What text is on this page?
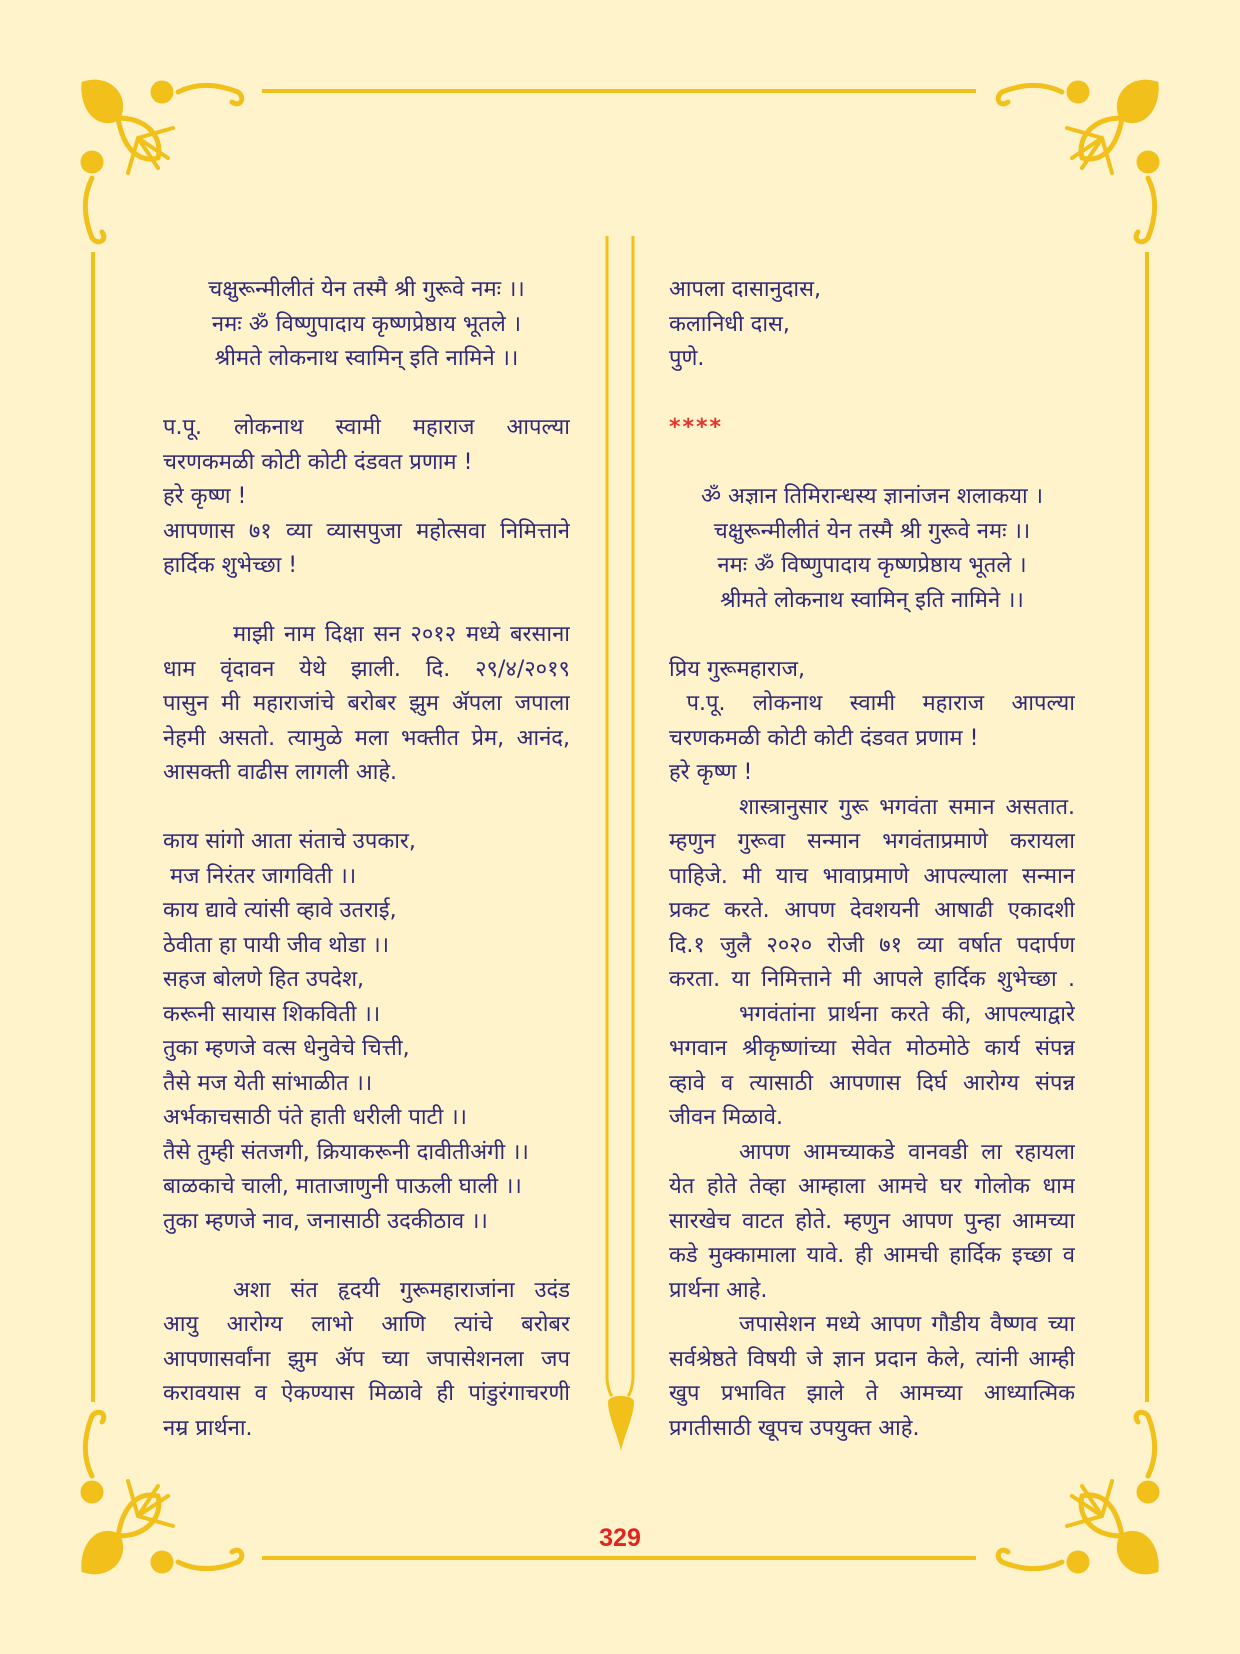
चक्षुरून्मीलीतं येन तस्मै श्री गुरूवे नमः ।।
नमः ॐ विष्णुपादाय कृष्णप्रेष्ठाय भूतले ।
श्रीमते लोकनाथ स्वामिन् इति नामिने ।।
प.पू. लोकनाथ स्वामी महाराज आपल्या
चरणकमळी कोटी कोटी दंडवत प्रणाम !
हरे कृष्ण !
आपणास ७१ व्या व्यासपुजा महोत्सवा निमित्ताने
हार्दिक शुभेच्छा !
माझी नाम दिक्षा सन २०१२ मध्ये बरसाना
धाम वृंदावन येथे झाली. दि. २९/४/२०१९
पासुन मी महाराजांचे बरोबर झुम ॲपला जपाला
नेहमी असतो. त्यामुळे मला भक्तीत प्रेम, आनंद,
आसक्ती वाढीस लागली आहे.
काय सांगो आता संताचे उपकार,
मज निरंतर जागविती ।।
काय द्यावे त्यांसी व्हावे उतराई,
ठेवीता हा पायी जीव थोडा ।।
सहज बोलणे हित उपदेश,
करूनी सायास शिकविती ।।
तुका म्हणजे वत्स धेनुवेचे चित्ती,
तैसे मज येती सांभाळीत ।।
अर्भकाचसाठी पंते हाती धरीली पाटी ।।
तैसे तुम्ही संतजगी, क्रियाकरूनी दावीतीअंगी ।।
बाळकाचे चाली, माताजाणुनी पाऊली घाली ।।
तुका म्हणजे नाव, जनासाठी उदकीठाव ।।
अशा संत हृदयी गुरूमहाराजांना उदंड
आयु आरोग्य लाभो आणि त्यांचे बरोबर
आपणासर्वांना झुम ॲप च्या जपासेशनला जप
करावयास व ऐकण्यास मिळावे ही पांडुरंगाचरणी
नम्र प्रार्थना.
आपला दासानुदास,
कलानिधी दास,
पुणे.
****
ॐ अज्ञान तिमिरान्धस्य ज्ञानांजन शलाकया ।
चक्षुरून्मीलीतं येन तस्मै श्री गुरूवे नमः ।।
नमः ॐ विष्णुपादाय कृष्णप्रेष्ठाय भूतले ।
श्रीमते लोकनाथ स्वामिन् इति नामिने ।।
प्रिय गुरूमहाराज,
प.पू. लोकनाथ स्वामी महाराज आपल्या
चरणकमळी कोटी कोटी दंडवत प्रणाम !
हरे कृष्ण !
शास्त्रानुसार गुरू भगवंता समान असतात.
म्हणुन गुरूवा सन्मान भगवंताप्रमाणे करायला
पाहिजे. मी याच भावाप्रमाणे आपल्याला सन्मान
प्रकट करते. आपण देवशयनी आषाढी एकादशी
दि.१ जुलै २०२० रोजी ७१ व्या वर्षात पदार्पण
करता. या निमित्ताने मी आपले हार्दिक शुभेच्छा .
भगवंतांना प्रार्थना करते की, आपल्याद्वारे
भगवान श्रीकृष्णांच्या सेवेत मोठमोठे कार्य संपन्न
व्हावे व त्यासाठी आपणास दिर्घ आरोग्य संपन्न
जीवन मिळावे.
आपण आमच्याकडे वानवडी ला रहायला
येत होते तेव्हा आम्हाला आमचे घर गोलोक धाम
सारखेच वाटत होते. म्हणुन आपण पुन्हा आमच्या
कडे मुक्कामाला यावे. ही आमची हार्दिक इच्छा व
प्रार्थना आहे.
जपासेशन मध्ये आपण गौडीय वैष्णव च्या
सर्वश्रेष्ठते विषयी जे ज्ञान प्रदान केले, त्यांनी आम्ही
खुप प्रभावित झाले ते आमच्या आध्यात्मिक
प्रगतीसाठी खूपच उपयुक्त आहे.
329
